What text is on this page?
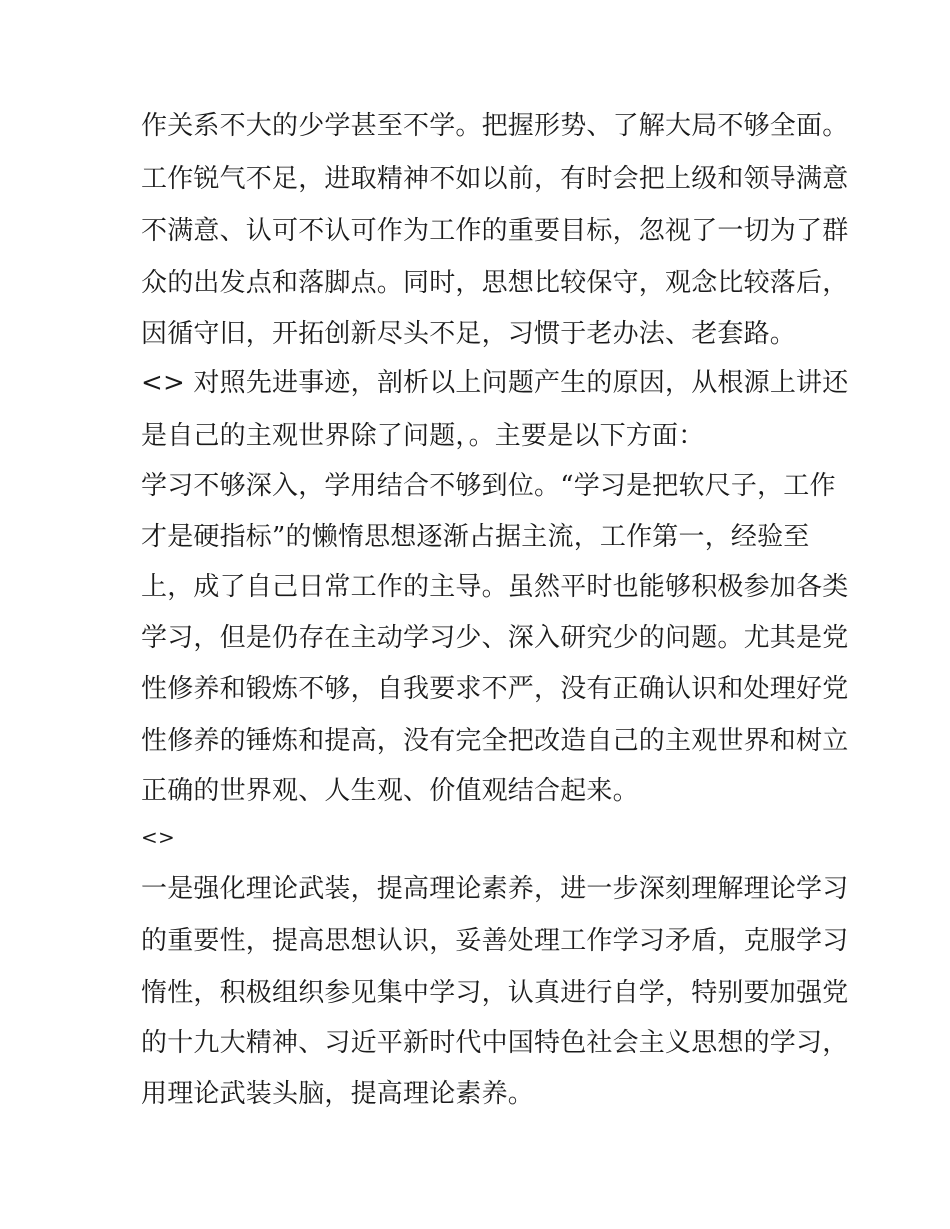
作关系不大的少学甚至不学。把握形势、了解大局不够全面。
工作锐气不足，进取精神不如以前，有时会把上级和领导满意
不满意、认可不认可作为工作的重要目标，忽视了一切为了群
众的出发点和落脚点。同时，思想比较保守，观念比较落后，
因循守旧，开拓创新尽头不足，习惯于老办法、老套路。
<> 对照先进事迹，剖析以上问题产生的原因，从根源上讲还
是自己的主观世界除了问题，。主要是以下方面：
学习不够深入，学用结合不够到位。“学习是把软尺子，工作
才是硬指标”的懒惰思想逐渐占据主流，工作第一，经验至
上，成了自己日常工作的主导。虽然平时也能够积极参加各类
学习，但是仍存在主动学习少、深入研究少的问题。尤其是党
性修养和锻炼不够，自我要求不严，没有正确认识和处理好党
性修养的锤炼和提高，没有完全把改造自己的主观世界和树立
正确的世界观、人生观、价值观结合起来。
<>
一是强化理论武装，提高理论素养，进一步深刻理解理论学习
的重要性，提高思想认识，妥善处理工作学习矛盾，克服学习
惰性，积极组织参见集中学习，认真进行自学，特别要加强党
的十九大精神、习近平新时代中国特色社会主义思想的学习，
用理论武装头脑，提高理论素养。
